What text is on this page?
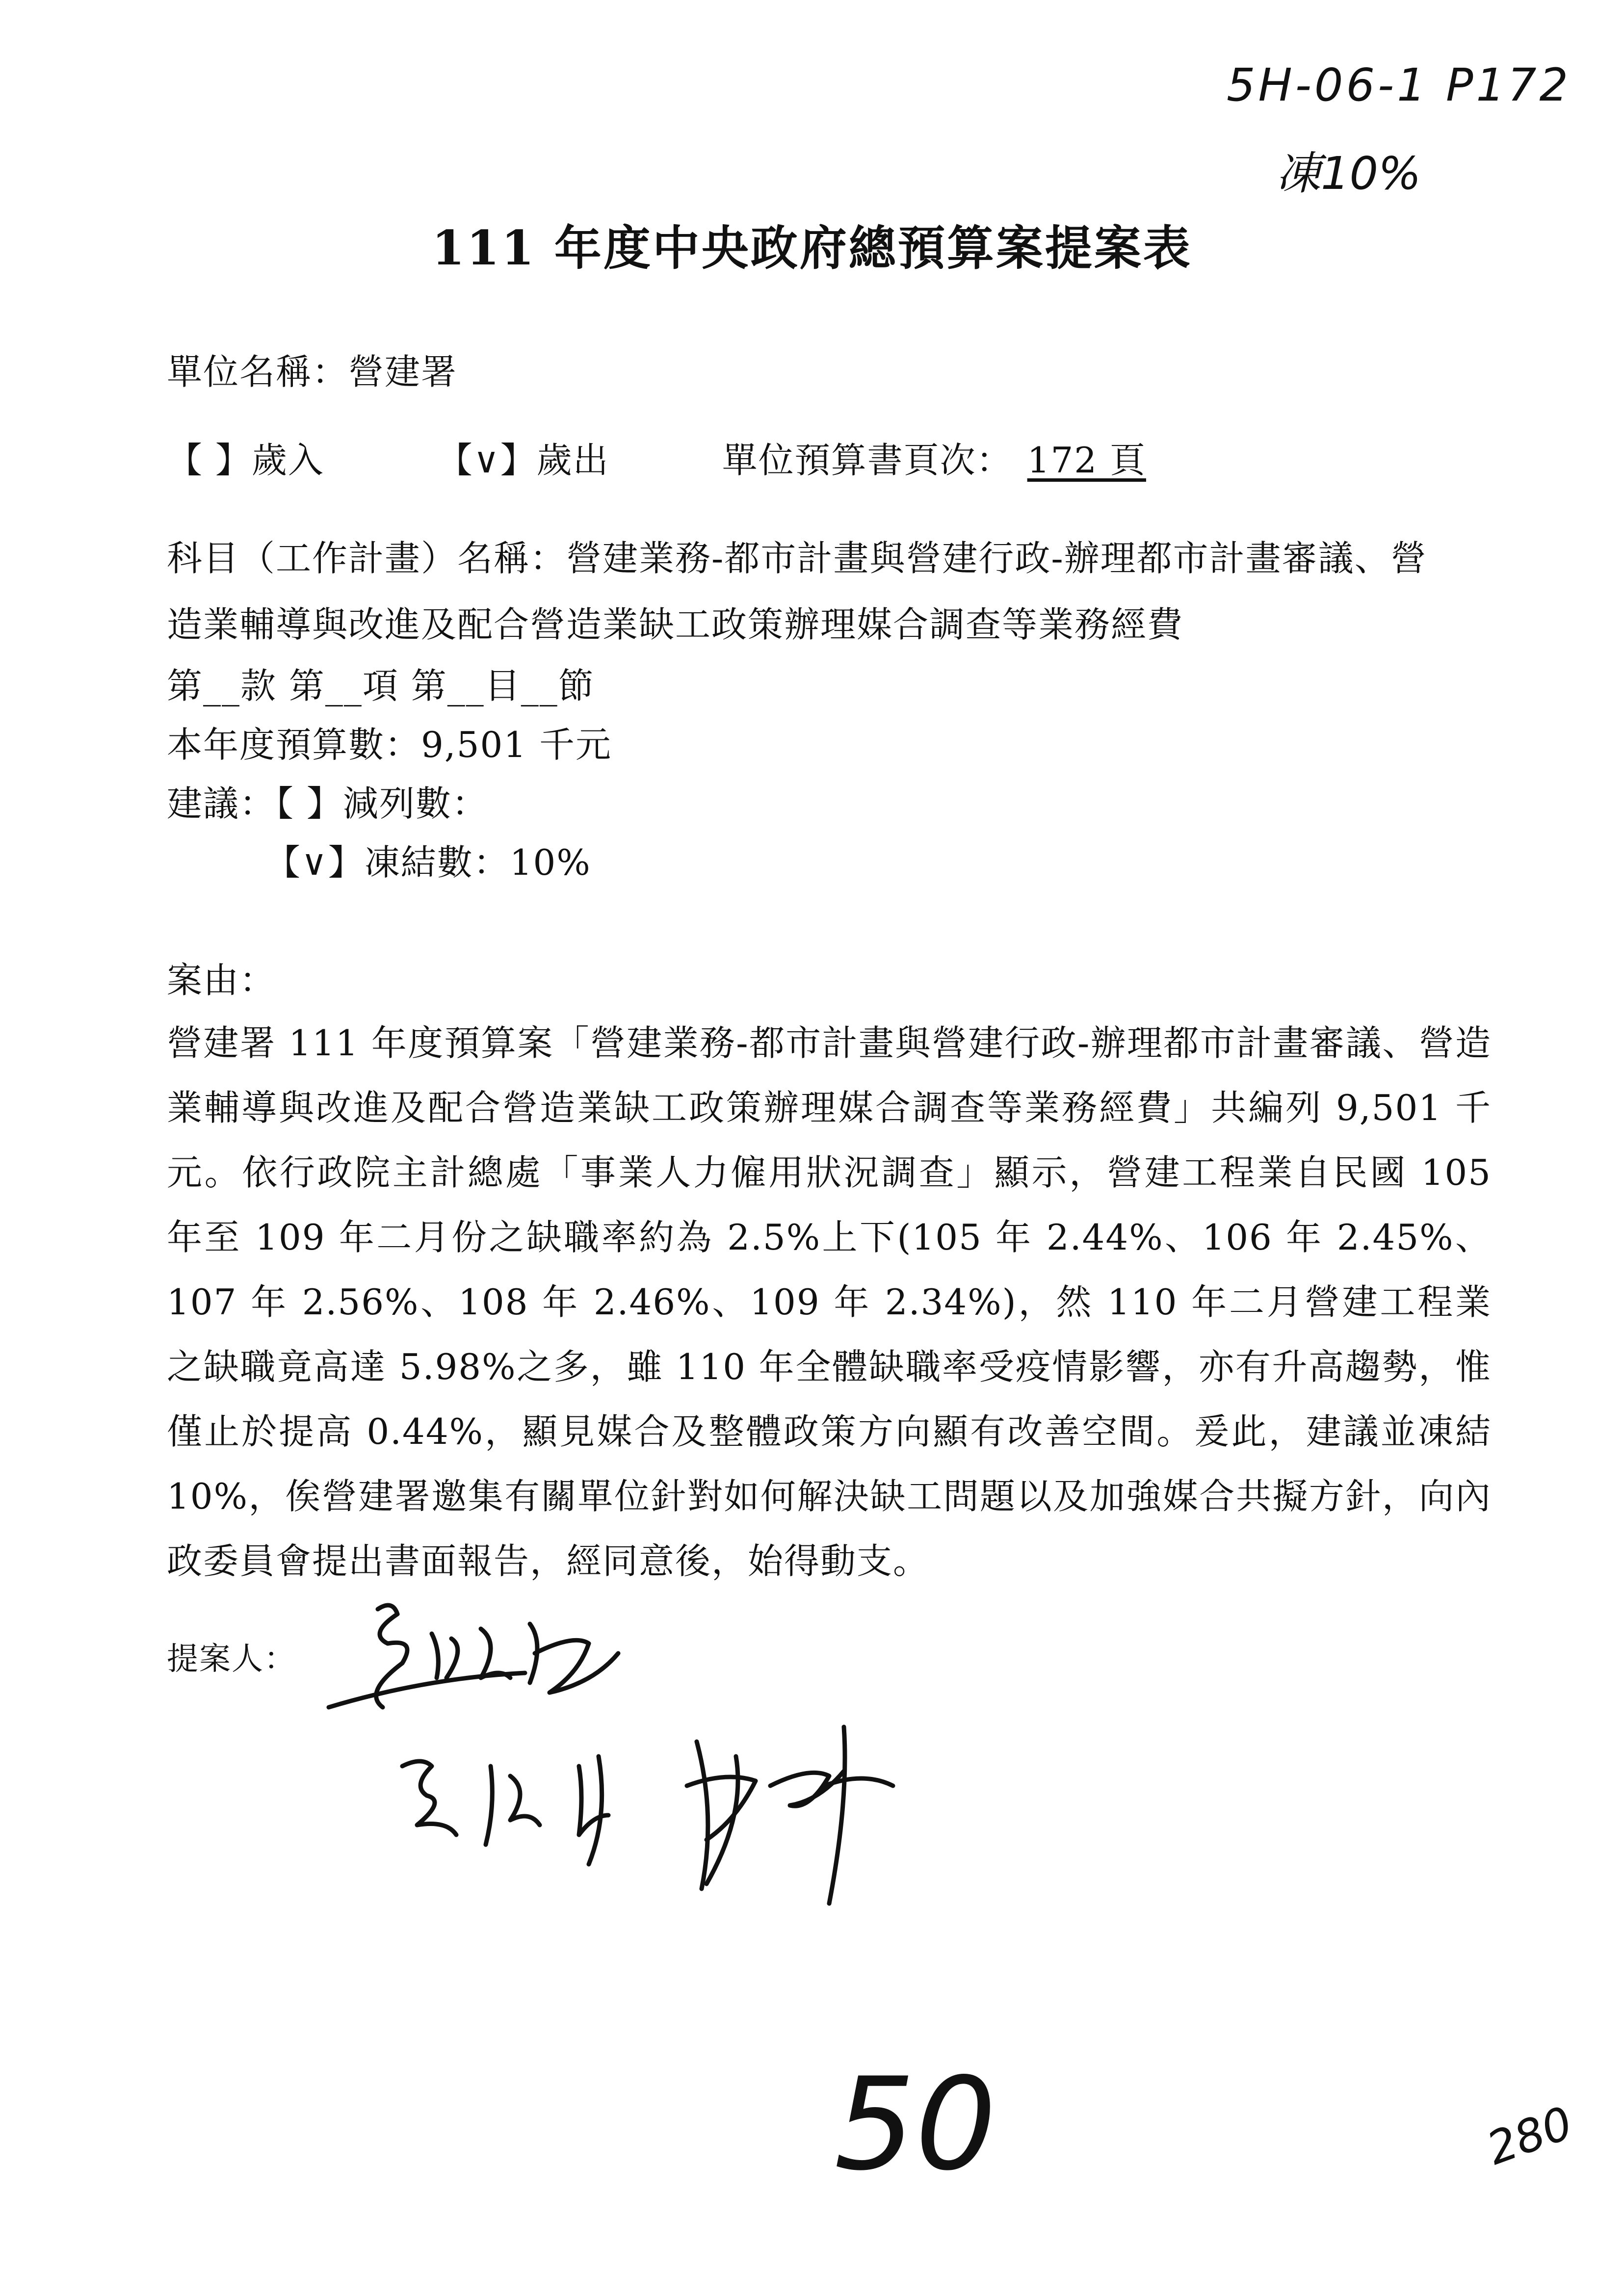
5H-06-1 P172
凍10%
111 年度中央政府總預算案提案表
單位名稱：營建署
【 】歲入	【∨】歲出	單位預算書頁次： 172 頁
科目（工作計畫）名稱：營建業務-都市計畫與營建行政-辦理都市計畫審議、營
造業輔導與改進及配合營造業缺工政策辦理媒合調查等業務經費
第__款 第__項 第__目__節
本年度預算數：9,501 千元
建議：【 】減列數：
【∨】凍結數：10%
案由：
營建署 111 年度預算案「營建業務-都市計畫與營建行政-辦理都市計畫審議、營造業輔導與改進及配合營造業缺工政策辦理媒合調查等業務經費」共編列 9,501 千元。依行政院主計總處「事業人力僱用狀況調查」顯示，營建工程業自民國 105 年至 109 年二月份之缺職率約為 2.5%上下(105 年 2.44%、106 年 2.45%、107 年 2.56%、108 年 2.46%、109 年 2.34%)，然 110 年二月營建工程業之缺職竟高達 5.98%之多，雖 110 年全體缺職率受疫情影響，亦有升高趨勢，惟僅止於提高 0.44%，顯見媒合及整體政策方向顯有改善空間。爰此，建議並凍結 10%，俟營建署邀集有關單位針對如何解決缺工問題以及加強媒合共擬方針，向內政委員會提出書面報告，經同意後，始得動支。
提案人：
50	280
